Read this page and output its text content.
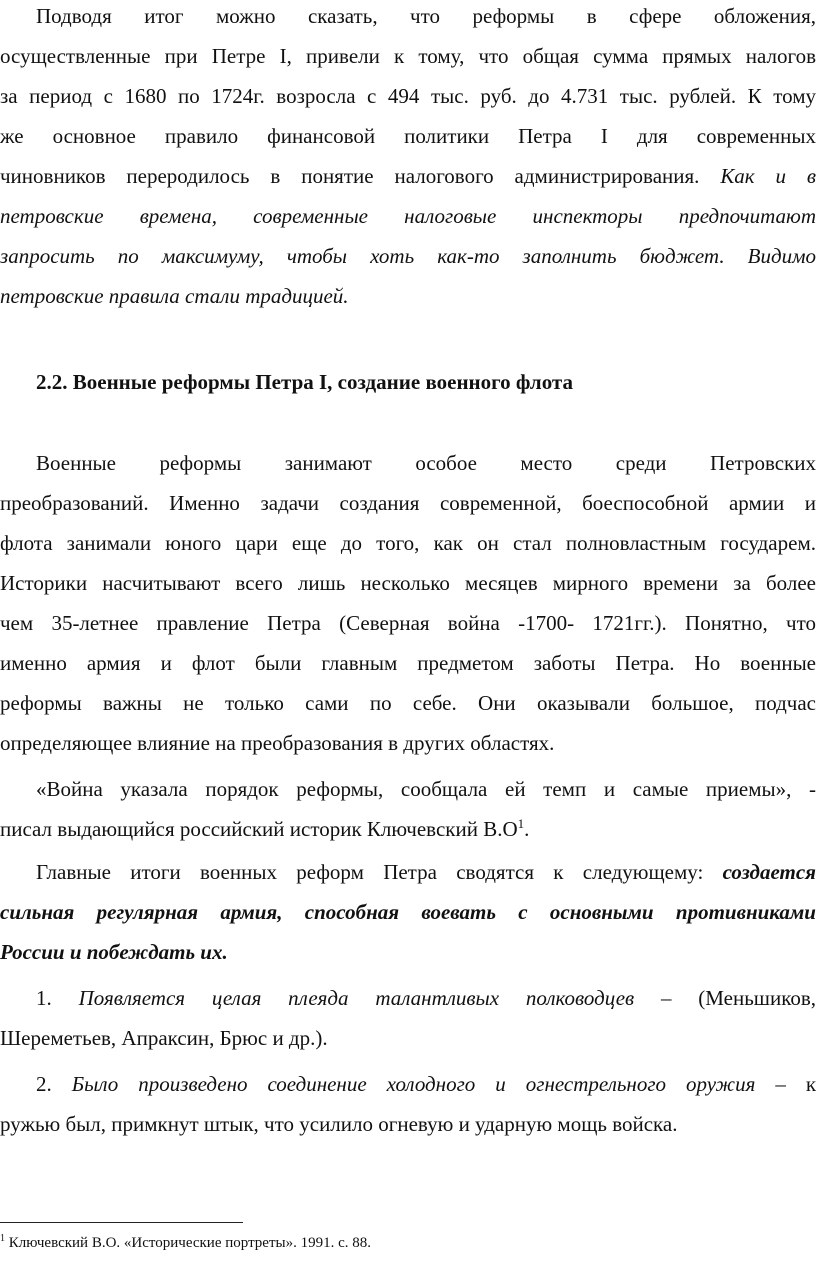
Подводя итог можно сказать, что реформы в сфере обложения,
осуществленные при Петре I, привели к тому, что общая сумма прямых налогов
за период с 1680 по 1724г. возросла с 494 тыс. руб. до 4.731 тыс. рублей. К тому
же основное правило финансовой политики Петра I для современных
чиновников переродилось в понятие налогового администрирования. Как и в
петровские времена, современные налоговые инспекторы предпочитают
запросить по максимуму, чтобы хоть как-то заполнить бюджет. Видимо
петровские правила стали традицией.
2.2. Военные реформы Петра I, создание военного флота
Военные реформы занимают особое место среди Петровских
преобразований. Именно задачи создания современной, боеспособной армии и
флота занимали юного цари еще до того, как он стал полновластным государем.
Историки насчитывают всего лишь несколько месяцев мирного времени за более
чем 35-летнее правление Петра (Северная война -1700- 1721гг.). Понятно, что
именно армия и флот были главным предметом заботы Петра. Но военные
реформы важны не только сами по себе. Они оказывали большое, подчас
определяющее влияние на преобразования в других областях.
«Война указала порядок реформы, сообщала ей темп и самые приемы», -
писал выдающийся российский историк Ключевский $В.О^1$.
Главные итоги военных реформ Петра сводятся к следующему: создается
сильная регулярная армия, способная воевать с основными противниками
России и побеждать их.
1. Появляется целая плеяда талантливых полководцев – (Меньшиков,
Шереметьев, Апраксин, Брюс и др.).
2. Было произведено соединение холодного и огнестрельного оружия – к
ружью был, примкнут штык, что усилило огневую и ударную мощь войска.
$^1$ Ключевский В.О. «Исторические портреты». 1991. с. 88.
